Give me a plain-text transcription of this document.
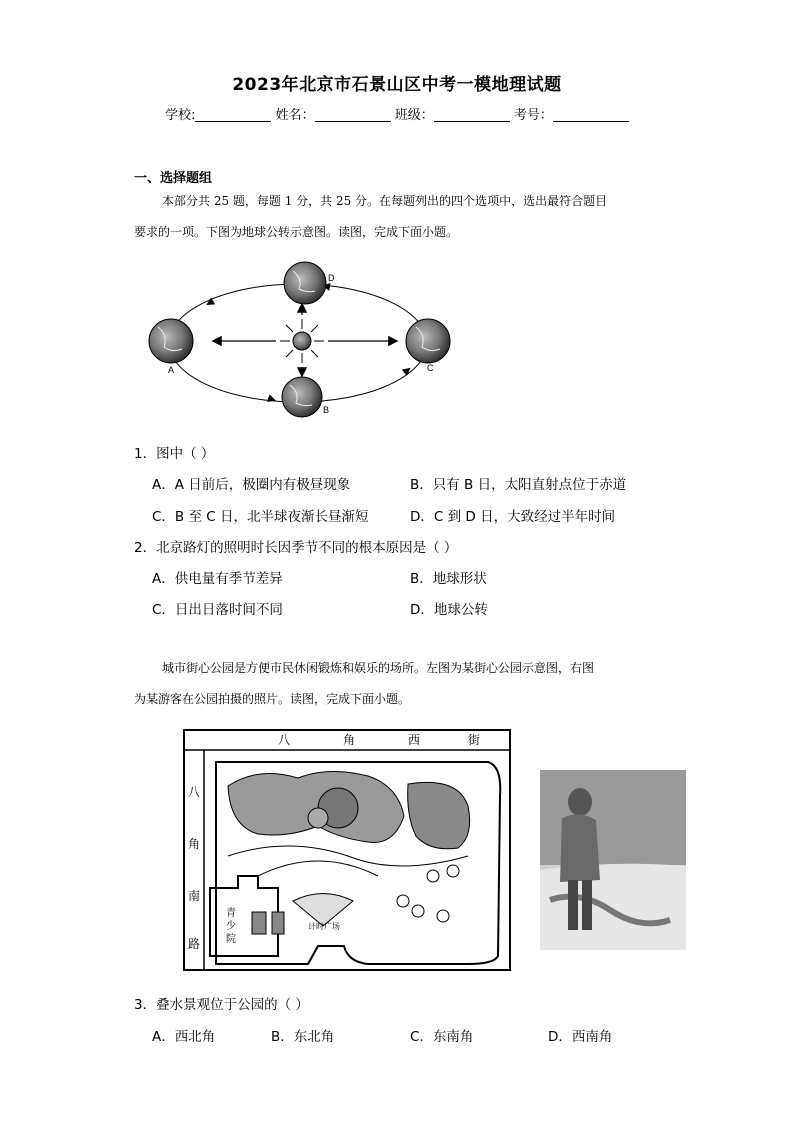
2023年北京市石景山区中考一模地理试题
学校:	姓名：	班级：	考号：
一、选择题组
本部分共 25 题，每题 1 分，共 25 分。在每题列出的四个选项中，选出最符合题目
要求的一项。下图为地球公转示意图。读图，完成下面小题。
A
B
C
D
1．图中（ ）
A．A 日前后，极圈内有极昼现象	B．只有 B 日，太阳直射点位于赤道
C．B 至 C 日，北半球夜渐长昼渐短	D．C 到 D 日，大致经过半年时间
2．北京路灯的照明时长因季节不同的根本原因是（ ）
A．供电量有季节差异	B．地球形状
C．日出日落时间不同	D．地球公转
城市街心公园是方便市民休闲锻炼和娱乐的场所。左图为某街心公园示意图，右图
为某游客在公园拍摄的照片。读图，完成下面小题。
八	角	西	街
八
角
南
路
计时广场
青
少
院
3．叠水景观位于公园的（ ）
A．西北角	B．东北角	C．东南角	D．西南角
